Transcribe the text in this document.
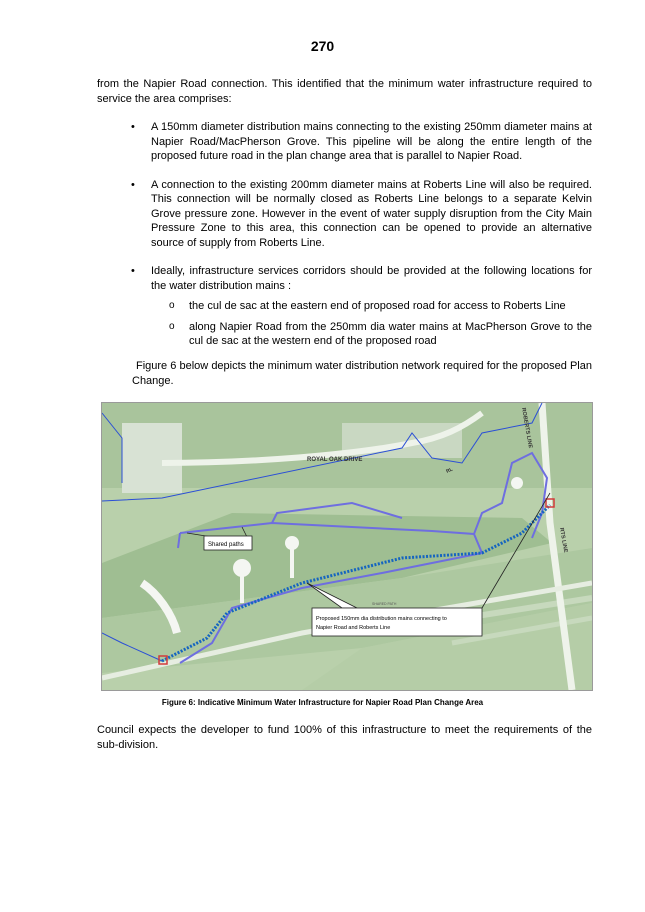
270

from the Napier Road connection. This identified that the minimum water infrastructure required to service the area comprises:

• A 150mm diameter distribution mains connecting to the existing 250mm diameter mains at Napier Road/MacPherson Grove. This pipeline will be along the entire length of the proposed future road in the plan change area that is parallel to Napier Road.
• A connection to the existing 200mm diameter mains at Roberts Line will also be required. This connection will be normally closed as Roberts Line belongs to a separate Kelvin Grove pressure zone. However in the event of water supply disruption from the City Main Pressure Zone to this area, this connection can be opened to provide an alternative source of supply from Roberts Line.
• Ideally, infrastructure services corridors should be provided at the following locations for the water distribution mains :
o the cul de sac at the eastern end of proposed road for access to Roberts Line
o along Napier Road from the 250mm dia water mains at MacPherson Grove to the cul de sac at the western end of the proposed road

Figure 6 below depicts the minimum water distribution network required for the proposed Plan Change.

Shared paths
Proposed 150mm dia distribution mains connecting to
Napier Road and Roberts Line
ROYAL OAK DRIVE
ROBERTS LINE
RTS LINE
RL
SHARED PATH
Figure 6: Indicative Minimum Water Infrastructure for Napier Road Plan Change Area

Council expects the developer to fund 100% of this infrastructure to meet the requirements of the sub-division.
